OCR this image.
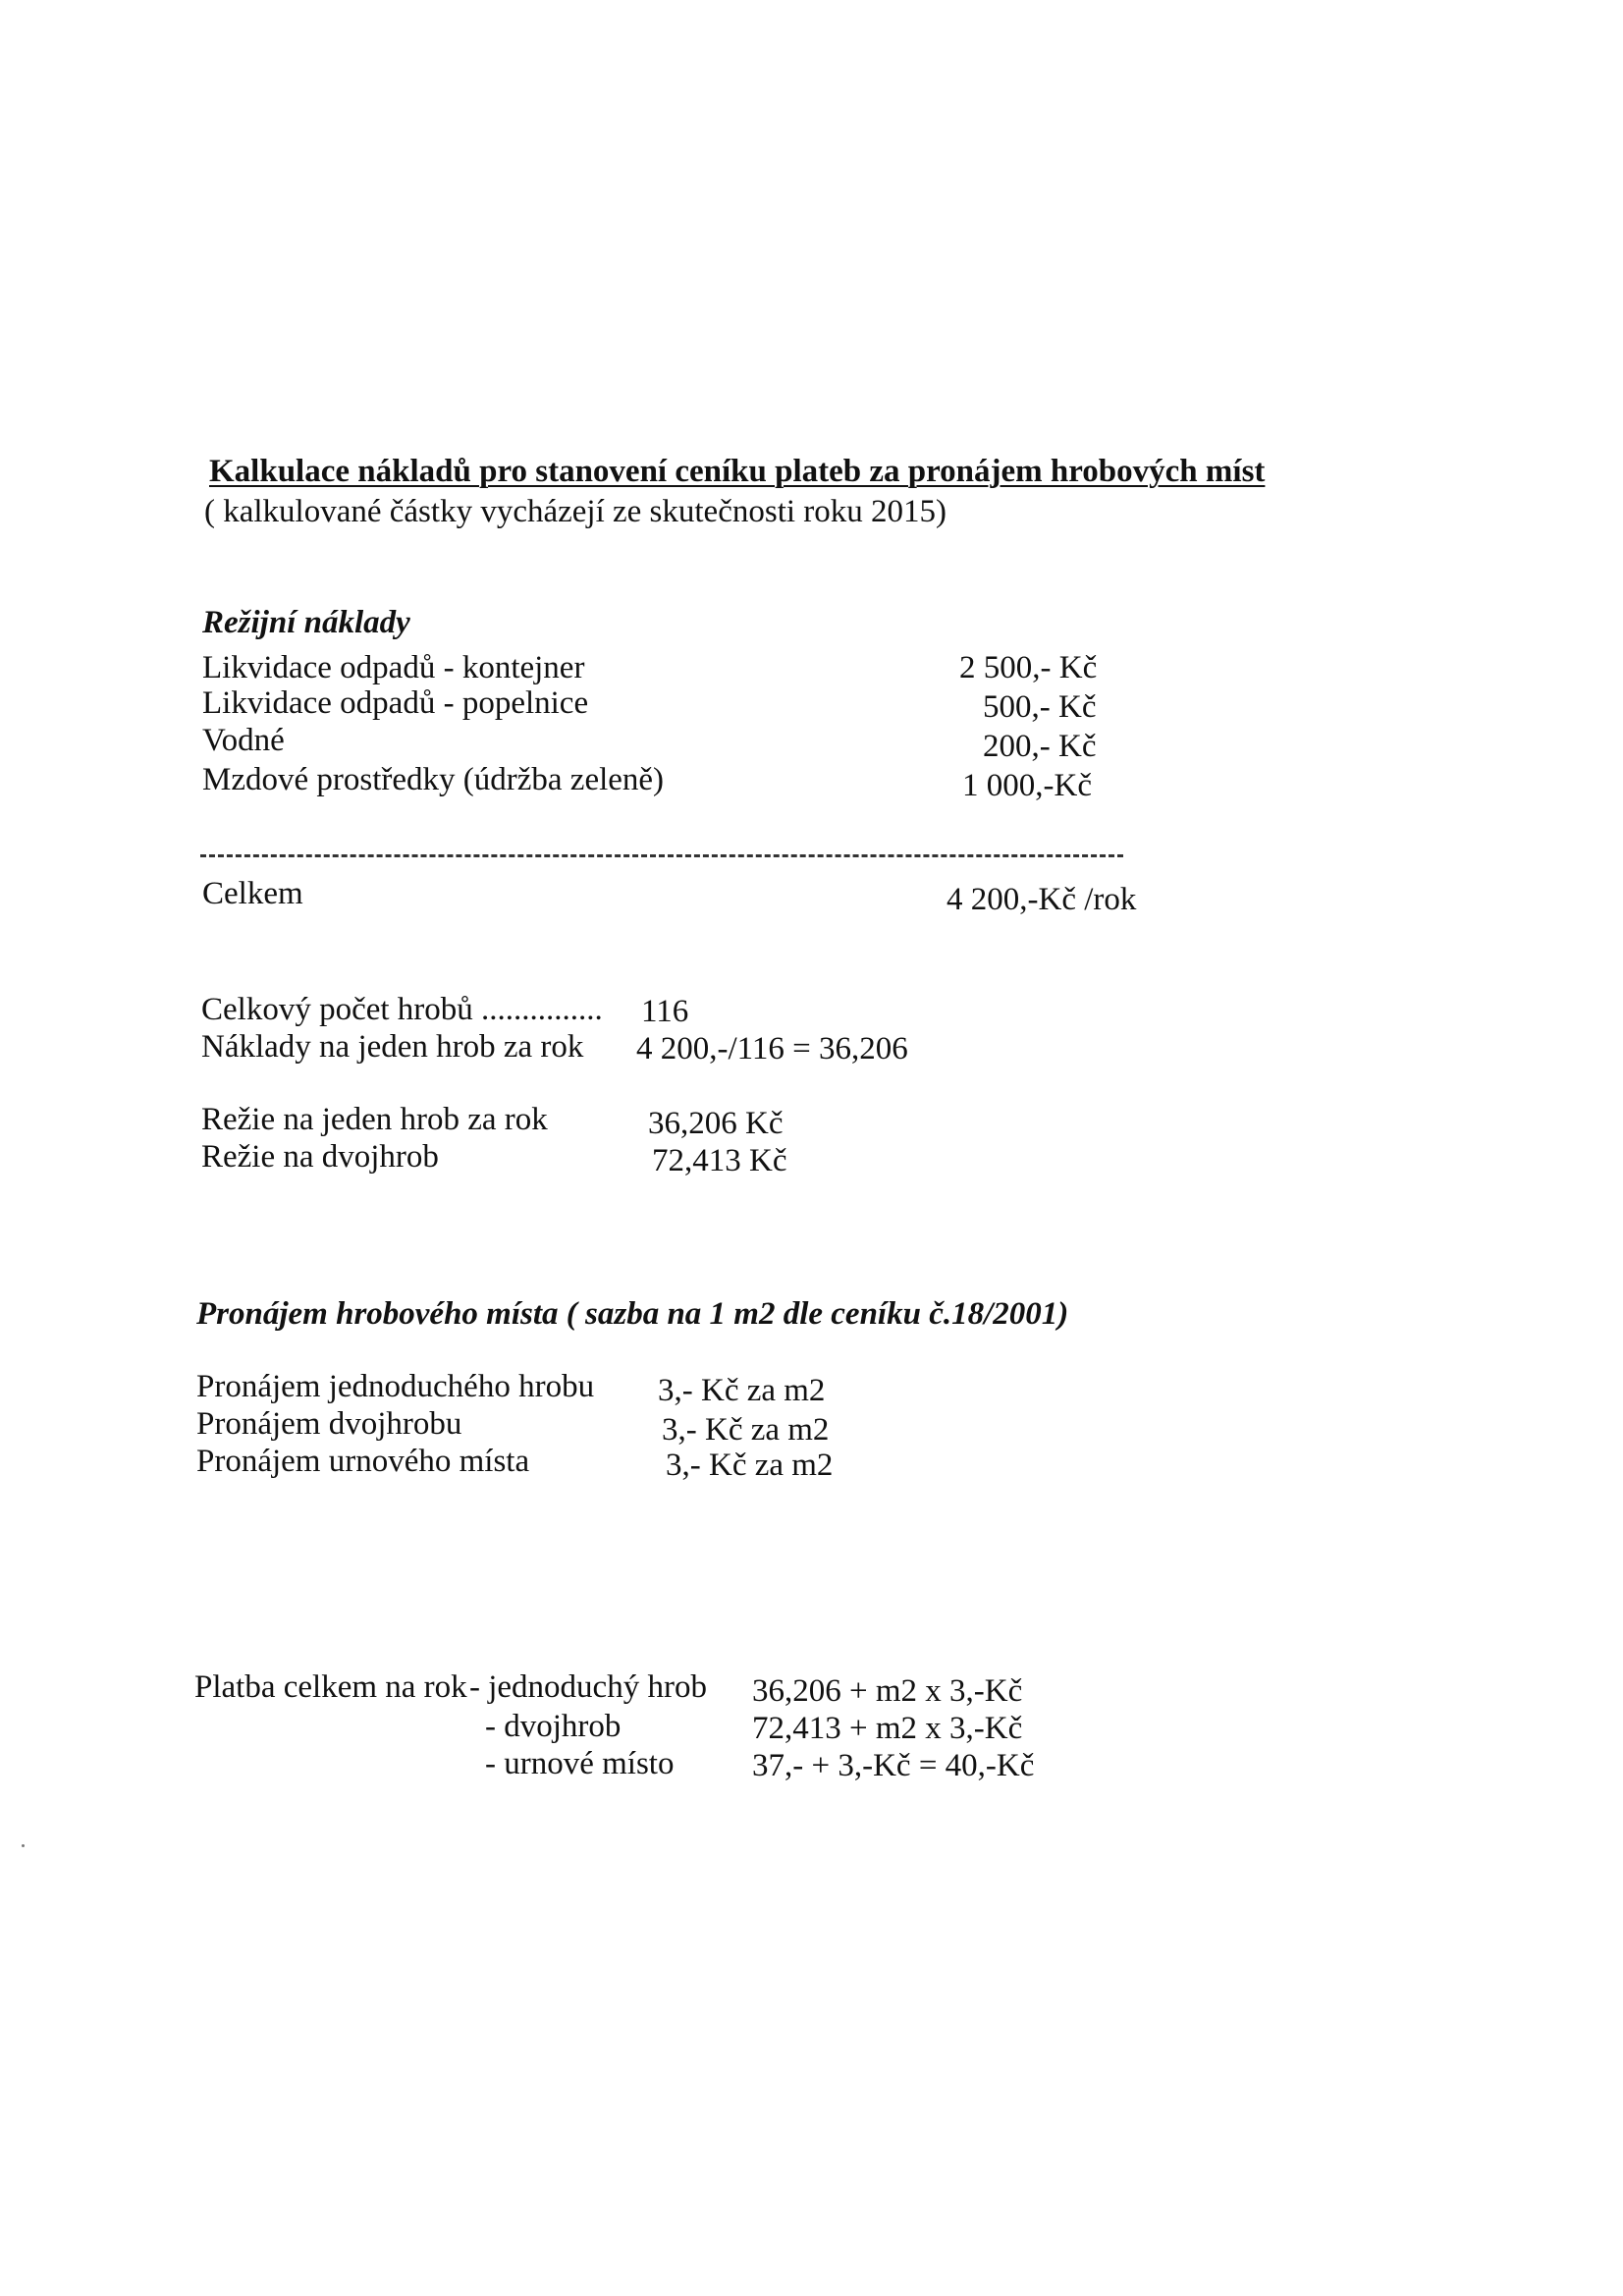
Kalkulace nákladů pro stanovení ceníku plateb za pronájem hrobových míst
( kalkulované částky vycházejí ze skutečnosti roku 2015)
Režijní náklady
Likvidace odpadů - kontejner	2 500,- Kč
Likvidace odpadů - popelnice	500,- Kč
Vodné	200,- Kč
Mzdové prostředky (údržba zeleně)	1 000,-Kč
Celkem	4 200,-Kč /rok
Celkový počet hrobů ............... 116
Náklady na jeden hrob za rok 4 200,-/116 = 36,206
Režie na jeden hrob za rok	36,206 Kč
Režie na dvojhrob	72,413 Kč
Pronájem hrobového místa ( sazba na 1 m2 dle ceníku č.18/2001)
Pronájem jednoduchého hrobu 3,- Kč za m2
Pronájem dvojhrobu	3,- Kč za m2
Pronájem urnového místa	3,- Kč za m2
Platba celkem na rok - jednoduchý hrob 36,206 + m2 x 3,-Kč
- dvojhrob	72,413 + m2 x 3,-Kč
- urnové místo 37,- + 3,-Kč = 40,-Kč
